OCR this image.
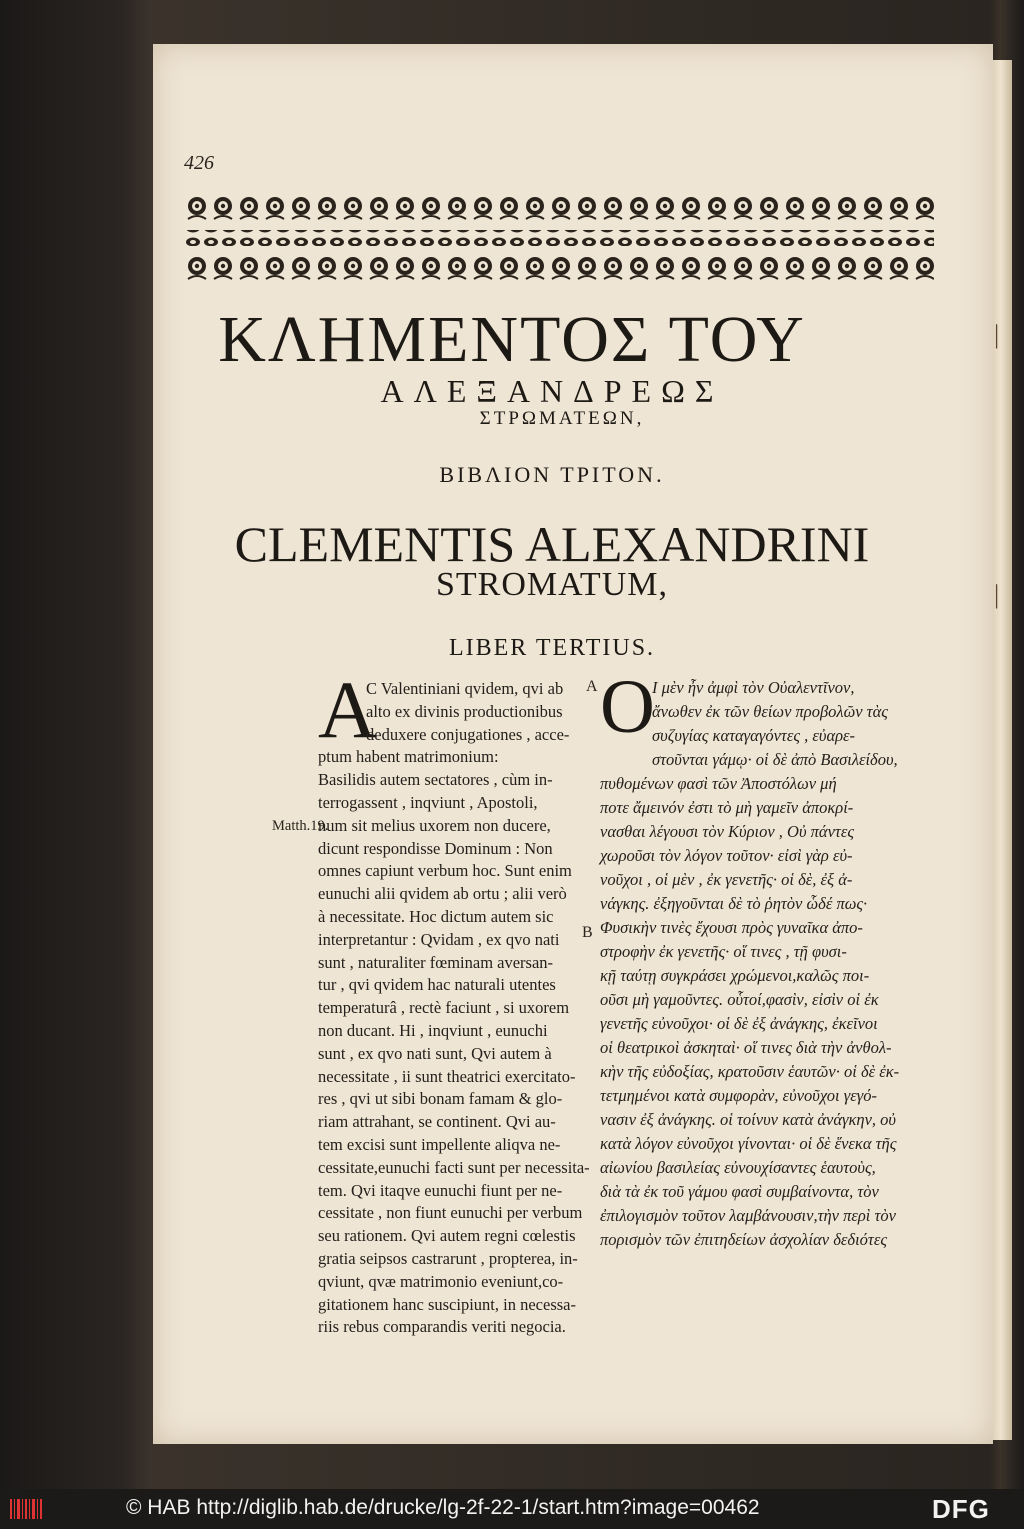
|
|
426
ΚΛΗΜΕΝΤΟΣ ΤΟΥ
ΑΛΕΞΑΝΔΡΕΩΣ
ΣΤΡΩΜΑΤΕΩΝ,
ΒΙΒΛΙΟΝ ΤΡΙΤΟΝ.
CLEMENTIS ALEXANDRINI
STROMATUM,
LIBER TERTIUS.
A	O
A
B
Matth.19.
C Valentiniani qvidem, qvi ab
alto ex divinis productionibus
deduxere conjugationes , acce-
ptum habent matrimonium:
Basilidis autem sectatores , cùm in-
terrogassent , inqviunt , Apostoli,
num sit melius uxorem non ducere,
dicunt respondisse Dominum : Non
omnes capiunt verbum hoc. Sunt enim
eunuchi alii qvidem ab ortu ; alii verò
à necessitate. Hoc dictum autem sic
interpretantur : Qvidam , ex qvo nati
sunt , naturaliter fœminam aversan-
tur , qvi qvidem hac naturali utentes
temperaturâ , rectè faciunt , si uxorem
non ducant. Hi , inqviunt , eunuchi
sunt , ex qvo nati sunt, Qvi autem à
necessitate , ii sunt theatrici exercitato-
res , qvi ut sibi bonam famam & glo-
riam attrahant, se continent. Qvi au-
tem excisi sunt impellente aliqva ne-
cessitate,eunuchi facti sunt per necessita-
tem. Qvi itaqve eunuchi fiunt per ne-
cessitate , non fiunt eunuchi per verbum
seu rationem. Qvi autem regni cœlestis
gratia seipsos castrarunt , propterea, in-
qviunt, qvæ matrimonio eveniunt,co-
gitationem hanc suscipiunt, in necessa-
riis rebus comparandis veriti negocia.
Ι μὲν ἦν ἀμφὶ τὸν Οὐαλεντῖνον,
ἄνωθεν ἐκ τῶν θείων προβολῶν τὰς
συζυγίας καταγαγόντες , εὐαρε-
στοῦνται γάμῳ· οἱ δὲ ἀπὸ Βασιλείδου,
πυθομένων φασὶ τῶν Ἀποστόλων μή
ποτε ἄμεινόν ἐστι τὸ μὴ γαμεῖν ἀποκρί-
νασθαι λέγουσι τὸν Κύριον , Οὐ πάντες
χωροῦσι τὸν λόγον τοῦτον· εἰσὶ γὰρ εὐ-
νοῦχοι , οἱ μὲν , ἐκ γενετῆς· οἱ δὲ, ἐξ ἀ-
νάγκης. ἐξηγοῦνται δὲ τὸ ῥητὸν ὧδέ πως·
Φυσικὴν τινὲς ἔχουσι πρὸς γυναῖκα ἀπο-
στροφὴν ἐκ γενετῆς· οἵ τινες , τῇ φυσι-
κῇ ταύτῃ συγκράσει χρώμενοι,καλῶς ποι-
οῦσι μὴ γαμοῦντες. οὗτοί,φασὶν, εἰσὶν οἱ ἐκ
γενετῆς εὐνοῦχοι· οἱ δὲ ἐξ ἀνάγκης, ἐκεῖνοι
οἱ θεατρικοὶ ἀσκηταὶ· οἵ τινες διὰ τὴν ἀνθολ-
κὴν τῆς εὐδοξίας, κρατοῦσιν ἑαυτῶν· οἱ δὲ ἐκ-
τετμημένοι κατὰ συμφορὰν, εὐνοῦχοι γεγό-
νασιν ἐξ ἀνάγκης. οἱ τοίνυν κατὰ ἀνάγκην, οὐ
κατὰ λόγον εὐνοῦχοι γίνονται· οἱ δὲ ἕνεκα τῆς
αἰωνίου βασιλείας εὐνουχίσαντες ἑαυτοὺς,
διὰ τὰ ἐκ τοῦ γάμου φασὶ συμβαίνοντα, τὸν
ἐπιλογισμὸν τοῦτον λαμβάνουσιν,τὴν περὶ τὸν
πορισμὸν τῶν ἐπιτηδείων ἀσχολίαν δεδιότες
© HAB http://diglib.hab.de/drucke/lg-2f-22-1/start.htm?image=00462	DFG
